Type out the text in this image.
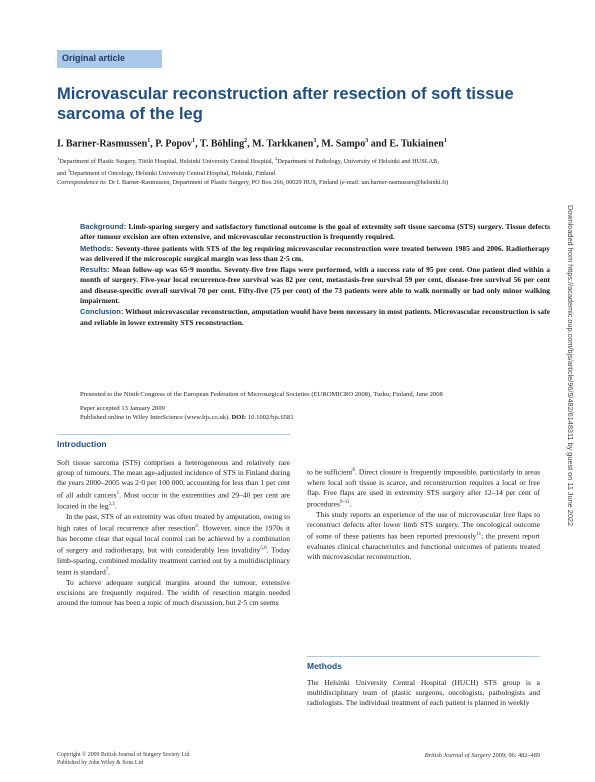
Original article
Microvascular reconstruction after resection of soft tissue sarcoma of the leg
I. Barner-Rasmussen$^1$, P. Popov$^1$, T. Böhling$^2$, M. Tarkkanen$^3$, M. Sampo$^3$ and E. Tukiainen$^1$
$^1$Department of Plastic Surgery, Töölö Hospital, Helsinki University Central Hospital, $^2$Department of Pathology, University of Helsinki and HUSLAB,
and $^3$Department of Oncology, Helsinki University Central Hospital, Helsinki, Finland
Correspondence to: Dr I. Barner-Rasmussen, Department of Plastic Surgery, PO Box 266, 00029 HUS, Finland (e-mail: ian.barner-rasmussen@helsinki.fi)

Background: Limb-sparing surgery and satisfactory functional outcome is the goal of extremity soft tissue sarcoma (STS) surgery. Tissue defects after tumour excision are often extensive, and microvascular reconstruction is frequently required.

Methods: Seventy-three patients with STS of the leg requiring microvascular reconstruction were treated between 1985 and 2006. Radiotherapy was delivered if the microscopic surgical margin was less than 2·5 cm.

Results: Mean follow-up was 65·9 months. Seventy-five free flaps were performed, with a success rate of 95 per cent. One patient died within a month of surgery. Five-year local recurrence-free survival was 82 per cent, metastasis-free survival 59 per cent, disease-free survival 56 per cent and disease-specific overall survival 70 per cent. Fifty-five (75 per cent) of the 73 patients were able to walk normally or had only minor walking impairment.

Conclusion: Without microvascular reconstruction, amputation would have been necessary in most patients. Microvascular reconstruction is safe and reliable in lower extremity STS reconstruction.

Presented to the Ninth Congress of the European Federation of Microsurgical Societies (EUROMICRO 2008), Turku, Finland, June 2008

Paper accepted 13 January 2009

Published online in Wiley InterScience (www.bjs.co.uk). DOI: 10.1002/bjs.6581	Downloaded from https://academic.oup.com/bjs/article/96/5/482/6148311 by guest on 11 June 2022
Introduction

Soft tissue sarcoma (STS) comprises a heterogeneous and relatively rare group of tumours. The mean age-adjusted incidence of STS in Finland during the years 2000–2005 was 2·0 per 100 000, accounting for less than 1 per cent of all adult cancers$^1$. Most occur in the extremities and 29–40 per cent are located in the leg$^{2,3}$.

In the past, STS of an extremity was often treated by amputation, owing to high rates of local recurrence after resection$^4$. However, since the 1970s it has become clear that equal local control can be achieved by a combination of surgery and radiotherapy, but with considerably less invalidity$^{5,6}$. Today limb-sparing, combined modality treatment carried out by a multidisciplinary team is standard$^7$.

To achieve adequate surgical margins around the tumour, extensive excisions are frequently required. The width of resection margin needed around the tumour has been a topic of much discussion, but 2·5 cm seems

to be sufficient$^8$. Direct closure is frequently impossible, particularly in areas where local soft tissue is scarce, and reconstruction requires a local or free flap. Free flaps are used in extremity STS surgery after 12–14 per cent of procedures$^{9-11}$.

This study reports an experience of the use of microvascular free flaps to reconstruct defects after lower limb STS surgery. The oncological outcome of some of these patients has been reported previously$^{11}$; the present report evaluates clinical characteristics and functional outcomes of patients treated with microvascular reconstruction.

Methods

The Helsinki University Central Hospital (HUCH) STS group is a multidisciplinary team of plastic surgeons, oncologists, pathologists and radiologists. The individual treatment of each patient is planned in weekly

Copyright © 2009 British Journal of Surgery Society Ltd
Published by John Wiley & Sons Ltd
British Journal of Surgery 2009; 96: 482–489
